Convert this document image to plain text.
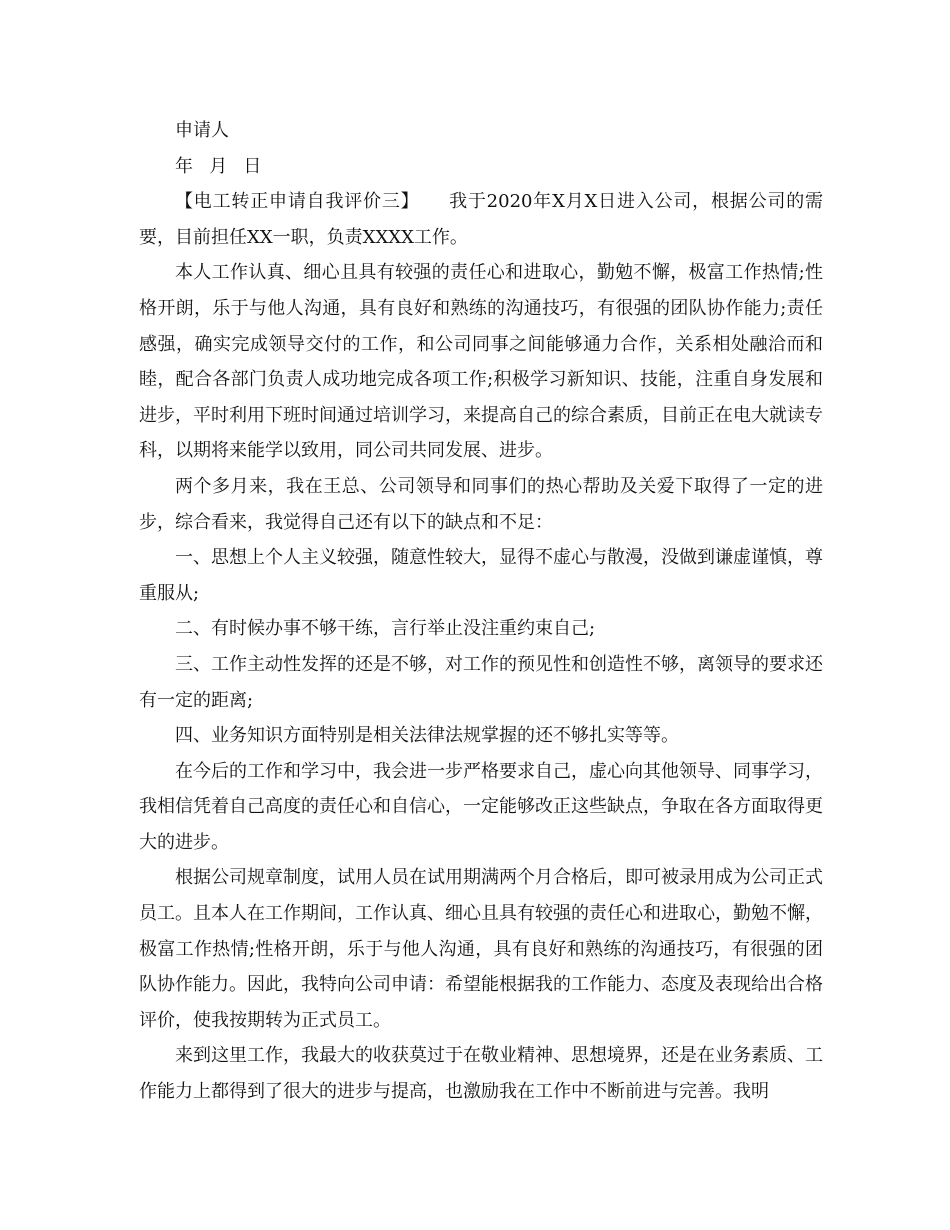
申请人

年 月 日

【电工转正申请自我评价三】 我于2020年X月X日进入公司，根据公司的需要，目前担任XX一职，负责XXXX工作。

本人工作认真、细心且具有较强的责任心和进取心，勤勉不懈，极富工作热情;性格开朗，乐于与他人沟通，具有良好和熟练的沟通技巧，有很强的团队协作能力;责任感强，确实完成领导交付的工作，和公司同事之间能够通力合作，关系相处融洽而和睦，配合各部门负责人成功地完成各项工作;积极学习新知识、技能，注重自身发展和进步，平时利用下班时间通过培训学习，来提高自己的综合素质，目前正在电大就读专科，以期将来能学以致用，同公司共同发展、进步。

两个多月来，我在王总、公司领导和同事们的热心帮助及关爱下取得了一定的进步，综合看来，我觉得自己还有以下的缺点和不足：

一、思想上个人主义较强，随意性较大，显得不虚心与散漫，没做到谦虚谨慎，尊重服从;

二、有时候办事不够干练，言行举止没注重约束自己;

三、工作主动性发挥的还是不够，对工作的预见性和创造性不够，离领导的要求还有一定的距离;

四、业务知识方面特别是相关法律法规掌握的还不够扎实等等。

在今后的工作和学习中，我会进一步严格要求自己，虚心向其他领导、同事学习，我相信凭着自己高度的责任心和自信心，一定能够改正这些缺点，争取在各方面取得更大的进步。

根据公司规章制度，试用人员在试用期满两个月合格后，即可被录用成为公司正式员工。且本人在工作期间，工作认真、细心且具有较强的责任心和进取心，勤勉不懈，极富工作热情;性格开朗，乐于与他人沟通，具有良好和熟练的沟通技巧，有很强的团队协作能力。因此，我特向公司申请：希望能根据我的工作能力、态度及表现给出合格评价，使我按期转为正式员工。

来到这里工作，我最大的收获莫过于在敬业精神、思想境界，还是在业务素质、工作能力上都得到了很大的进步与提高，也激励我在工作中不断前进与完善。我明
